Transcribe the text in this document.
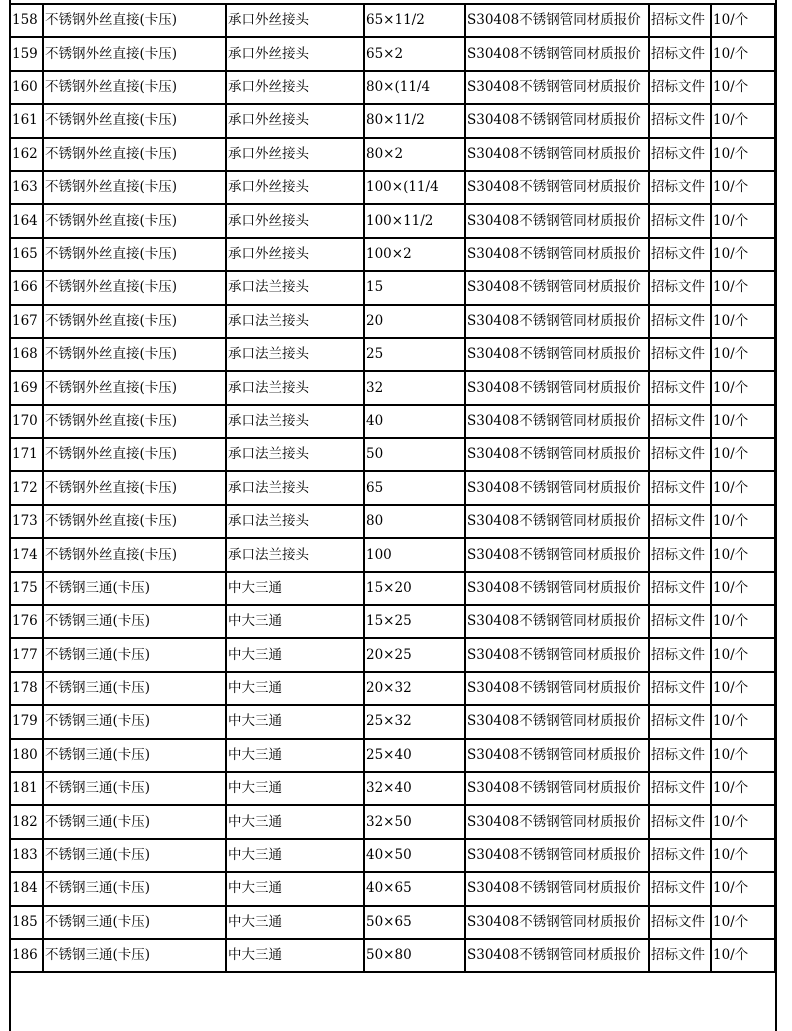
158	不锈钢外丝直接(卡压)	承口外丝接头	65×11/2	S30408不锈钢管同材质报价	招标文件	10/个
159	不锈钢外丝直接(卡压)	承口外丝接头	65×2	S30408不锈钢管同材质报价	招标文件	10/个
160	不锈钢外丝直接(卡压)	承口外丝接头	80×(11/4	S30408不锈钢管同材质报价	招标文件	10/个
161	不锈钢外丝直接(卡压)	承口外丝接头	80×11/2	S30408不锈钢管同材质报价	招标文件	10/个
162	不锈钢外丝直接(卡压)	承口外丝接头	80×2	S30408不锈钢管同材质报价	招标文件	10/个
163	不锈钢外丝直接(卡压)	承口外丝接头	100×(11/4	S30408不锈钢管同材质报价	招标文件	10/个
164	不锈钢外丝直接(卡压)	承口外丝接头	100×11/2	S30408不锈钢管同材质报价	招标文件	10/个
165	不锈钢外丝直接(卡压)	承口外丝接头	100×2	S30408不锈钢管同材质报价	招标文件	10/个
166	不锈钢外丝直接(卡压)	承口法兰接头	15	S30408不锈钢管同材质报价	招标文件	10/个
167	不锈钢外丝直接(卡压)	承口法兰接头	20	S30408不锈钢管同材质报价	招标文件	10/个
168	不锈钢外丝直接(卡压)	承口法兰接头	25	S30408不锈钢管同材质报价	招标文件	10/个
169	不锈钢外丝直接(卡压)	承口法兰接头	32	S30408不锈钢管同材质报价	招标文件	10/个
170	不锈钢外丝直接(卡压)	承口法兰接头	40	S30408不锈钢管同材质报价	招标文件	10/个
171	不锈钢外丝直接(卡压)	承口法兰接头	50	S30408不锈钢管同材质报价	招标文件	10/个
172	不锈钢外丝直接(卡压)	承口法兰接头	65	S30408不锈钢管同材质报价	招标文件	10/个
173	不锈钢外丝直接(卡压)	承口法兰接头	80	S30408不锈钢管同材质报价	招标文件	10/个
174	不锈钢外丝直接(卡压)	承口法兰接头	100	S30408不锈钢管同材质报价	招标文件	10/个
175	不锈钢三通(卡压)	中大三通	15×20	S30408不锈钢管同材质报价	招标文件	10/个
176	不锈钢三通(卡压)	中大三通	15×25	S30408不锈钢管同材质报价	招标文件	10/个
177	不锈钢三通(卡压)	中大三通	20×25	S30408不锈钢管同材质报价	招标文件	10/个
178	不锈钢三通(卡压)	中大三通	20×32	S30408不锈钢管同材质报价	招标文件	10/个
179	不锈钢三通(卡压)	中大三通	25×32	S30408不锈钢管同材质报价	招标文件	10/个
180	不锈钢三通(卡压)	中大三通	25×40	S30408不锈钢管同材质报价	招标文件	10/个
181	不锈钢三通(卡压)	中大三通	32×40	S30408不锈钢管同材质报价	招标文件	10/个
182	不锈钢三通(卡压)	中大三通	32×50	S30408不锈钢管同材质报价	招标文件	10/个
183	不锈钢三通(卡压)	中大三通	40×50	S30408不锈钢管同材质报价	招标文件	10/个
184	不锈钢三通(卡压)	中大三通	40×65	S30408不锈钢管同材质报价	招标文件	10/个
185	不锈钢三通(卡压)	中大三通	50×65	S30408不锈钢管同材质报价	招标文件	10/个
186	不锈钢三通(卡压)	中大三通	50×80	S30408不锈钢管同材质报价	招标文件	10/个
